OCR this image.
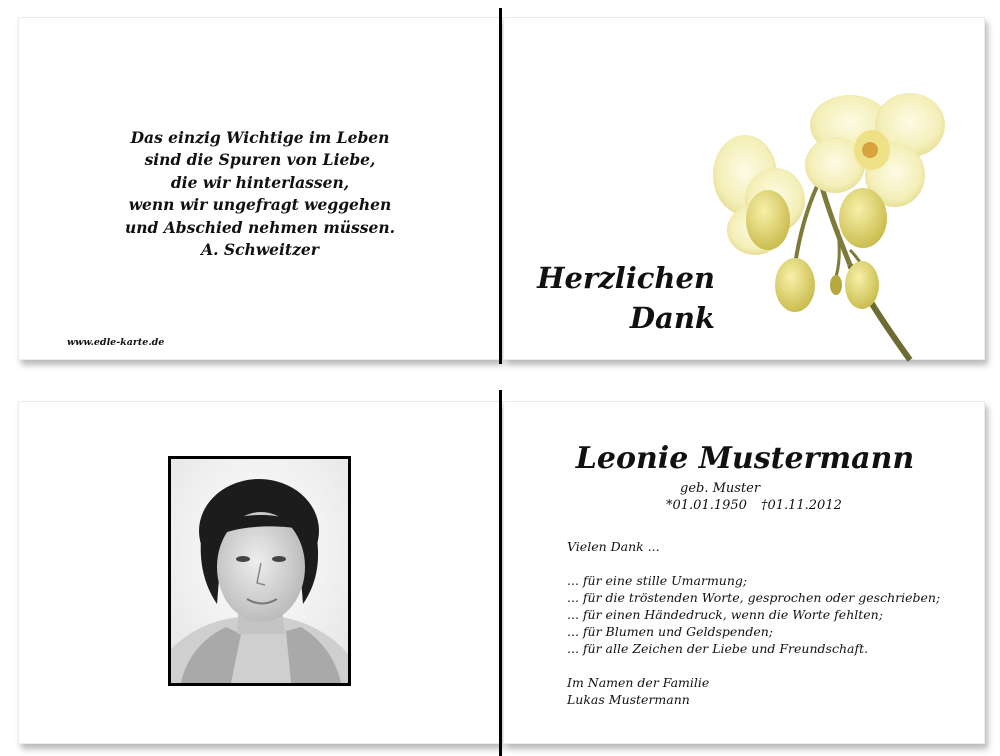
Das einzig Wichtige im Leben
sind die Spuren von Liebe,
die wir hinterlassen,
wenn wir ungefragt weggehen
und Abschied nehmen müssen.
A. Schweitzer
www.edle-karte.de
Herzlichen
Dank
Leonie Mustermann
geb. Muster
*01.01.1950 †01.11.2012
Vielen Dank ...
... für eine stille Umarmung;
... für die tröstenden Worte, gesprochen oder geschrieben;
... für einen Händedruck, wenn die Worte fehlten;
... für Blumen und Geldspenden;
... für alle Zeichen der Liebe und Freundschaft.
Im Namen der Familie
Lukas Mustermann
